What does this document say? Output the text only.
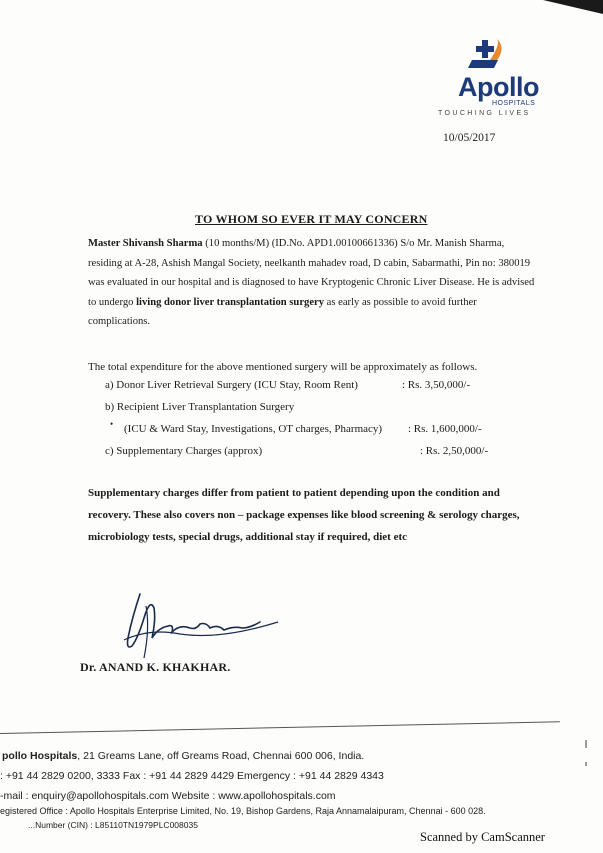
Apollo
HOSPITALS
TOUCHING LIVES
10/05/2017
TO WHOM SO EVER IT MAY CONCERN
Master Shivansh Sharma (10 months/M) (ID.No. APD1.00100661336) S/o Mr. Manish Sharma, residing at A-28, Ashish Mangal Society, neelkanth mahadev road, D cabin, Sabarmathi, Pin no: 380019 was evaluated in our hospital and is diagnosed to have Kryptogenic Chronic Liver Disease. He is advised to undergo living donor liver transplantation surgery as early as possible to avoid further complications.
The total expenditure for the above mentioned surgery will be approximately as follows.
a) Donor Liver Retrieval Surgery (ICU Stay, Room Rent)	: Rs. 3,50,000/-
b) Recipient Liver Transplantation Surgery
• (ICU & Ward Stay, Investigations, OT charges, Pharmacy) : Rs. 1,600,000/-
c) Supplementary Charges (approx)	: Rs. 2,50,000/-
Supplementary charges differ from patient to patient depending upon the condition and recovery. These also covers non – package expenses like blood screening & serology charges, microbiology tests, special drugs, additional stay if required, diet etc
Dr. ANAND K. KHAKHAR.
pollo Hospitals, 21 Greams Lane, off Greams Road, Chennai 600 006, India.
: +91 44 2829 0200, 3333 Fax : +91 44 2829 4429 Emergency : +91 44 2829 4343
-mail : enquiry@apollohospitals.com Website : www.apollohospitals.com
egistered Office : Apollo Hospitals Enterprise Limited, No. 19, Bishop Gardens, Raja Annamalaipuram, Chennai - 600 028.
...Number (CIN) : L85110TN1979PLC008035
Scanned by CamScanner
